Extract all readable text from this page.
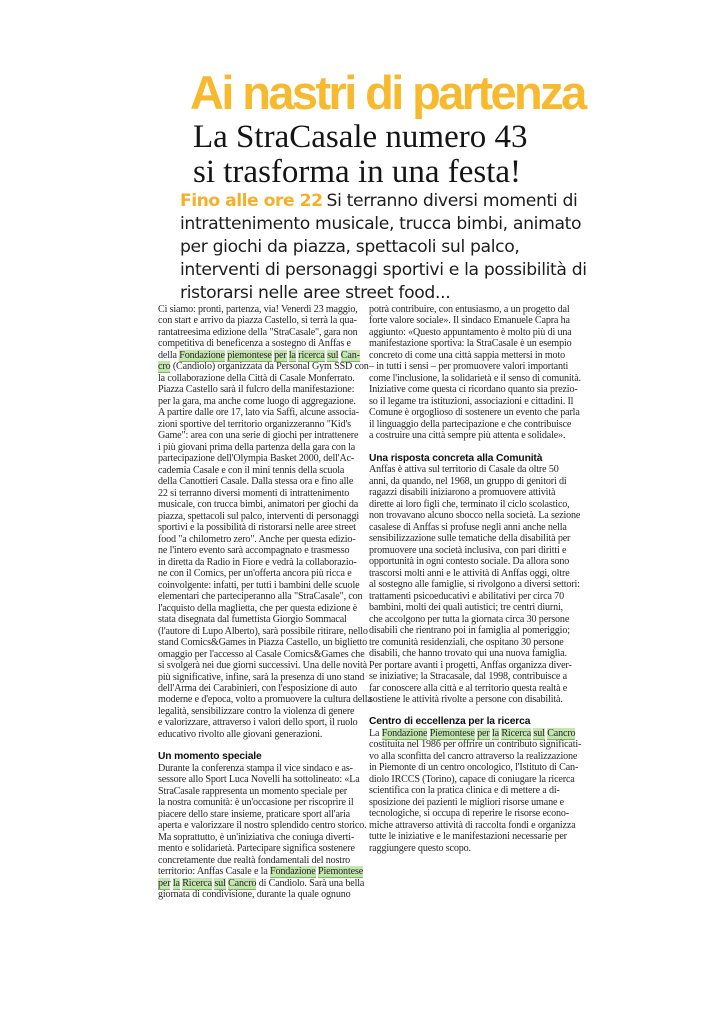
Ai nastri di partenza
La StraCasale numero 43
si trasforma in una festa!
Fino alle ore 22 Si terranno diversi momenti di
intrattenimento musicale, trucca bimbi, animato
per giochi da piazza, spettacoli sul palco,
interventi di personaggi sportivi e la possibilità di
ristorarsi nelle aree street food...
Ci siamo: pronti, partenza, via! Venerdì 23 maggio,
con start e arrivo da piazza Castello, si terrà la qua-
rantatreesima edizione della "StraCasale", gara non
competitiva di beneficenza a sostegno di Anffas e
della Fondazione piemontese per la ricerca sul Can-
cro (Candiolo) organizzata da Personal Gym SSD con
la collaborazione della Città di Casale Monferrato.
Piazza Castello sarà il fulcro della manifestazione:
per la gara, ma anche come luogo di aggregazione.
A partire dalle ore 17, lato via Saffi, alcune associa-
zioni sportive del territorio organizzeranno "Kid's
Game": area con una serie di giochi per intrattenere
i più giovani prima della partenza della gara con la
partecipazione dell'Olympia Basket 2000, dell'Ac-
cademia Casale e con il mini tennis della scuola
della Canottieri Casale. Dalla stessa ora e fino alle
22 si terranno diversi momenti di intrattenimento
musicale, con trucca bimbi, animatori per giochi da
piazza, spettacoli sul palco, interventi di personaggi
sportivi e la possibilità di ristorarsi nelle aree street
food "a chilometro zero". Anche per questa edizio-
ne l'intero evento sarà accompagnato e trasmesso
in diretta da Radio in Fiore e vedrà la collaborazio-
ne con il Comics, per un'offerta ancora più ricca e
coinvolgente: infatti, per tutti i bambini delle scuole
elementari che parteciperanno alla "StraCasale", con
l'acquisto della maglietta, che per questa edizione è
stata disegnata dal fumettista Giorgio Sommacal
(l'autore di Lupo Alberto), sarà possibile ritirare, nello
stand Comics&Games in Piazza Castello, un biglietto
omaggio per l'accesso al Casale Comics&Games che
si svolgerà nei due giorni successivi. Una delle novità
più significative, infine, sarà la presenza di uno stand
dell'Arma dei Carabinieri, con l'esposizione di auto
moderne e d'epoca, volto a promuovere la cultura della
legalità, sensibilizzare contro la violenza di genere
e valorizzare, attraverso i valori dello sport, il ruolo
educativo rivolto alle giovani generazioni.
Un momento speciale
Durante la conferenza stampa il vice sindaco e as-
sessore allo Sport Luca Novelli ha sottolineato: «La
StraCasale rappresenta un momento speciale per
la nostra comunità: è un'occasione per riscoprire il
piacere dello stare insieme, praticare sport all'aria
aperta e valorizzare il nostro splendido centro storico.
Ma soprattutto, è un'iniziativa che coniuga diverti-
mento e solidarietà. Partecipare significa sostenere
concretamente due realtà fondamentali del nostro
territorio: Anffas Casale e la Fondazione Piemontese
per la Ricerca sul Cancro di Candiolo. Sarà una bella
giornata di condivisione, durante la quale ognuno
potrà contribuire, con entusiasmo, a un progetto dal
forte valore sociale». Il sindaco Emanuele Capra ha
aggiunto: «Questo appuntamento è molto più di una
manifestazione sportiva: la StraCasale è un esempio
concreto di come una città sappia mettersi in moto
– in tutti i sensi – per promuovere valori importanti
come l'inclusione, la solidarietà e il senso di comunità.
Iniziative come questa ci ricordano quanto sia prezio-
so il legame tra istituzioni, associazioni e cittadini. Il
Comune è orgoglioso di sostenere un evento che parla
il linguaggio della partecipazione e che contribuisce
a costruire una città sempre più attenta e solidale».
Una risposta concreta alla Comunità
Anffas è attiva sul territorio di Casale da oltre 50
anni, da quando, nel 1968, un gruppo di genitori di
ragazzi disabili iniziarono a promuovere attività
dirette ai loro figli che, terminato il ciclo scolastico,
non trovavano alcuno sbocco nella società. La sezione
casalese di Anffas si profuse negli anni anche nella
sensibilizzazione sulle tematiche della disabilità per
promuovere una società inclusiva, con pari diritti e
opportunità in ogni contesto sociale. Da allora sono
trascorsi molti anni e le attività di Anffas oggi, oltre
al sostegno alle famiglie, si rivolgono a diversi settori:
trattamenti psicoeducativi e abilitativi per circa 70
bambini, molti dei quali autistici; tre centri diurni,
che accolgono per tutta la giornata circa 30 persone
disabili che rientrano poi in famiglia al pomeriggio;
tre comunità residenziali, che ospitano 30 persone
disabili, che hanno trovato qui una nuova famiglia.
Per portare avanti i progetti, Anffas organizza diver-
se iniziative; la Stracasale, dal 1998, contribuisce a
far conoscere alla città e al territorio questa realtà e
sostiene le attività rivolte a persone con disabilità.
Centro di eccellenza per la ricerca
La Fondazione Piemontese per la Ricerca sul Cancro
costituita nel 1986 per offrire un contributo significati-
vo alla sconfitta del cancro attraverso la realizzazione
in Piemonte di un centro oncologico, l'Istituto di Can-
diolo IRCCS (Torino), capace di coniugare la ricerca
scientifica con la pratica clinica e di mettere a di-
sposizione dei pazienti le migliori risorse umane e
tecnologiche, si occupa di reperire le risorse econo-
miche attraverso attività di raccolta fondi e organizza
tutte le iniziative e le manifestazioni necessarie per
raggiungere questo scopo.
